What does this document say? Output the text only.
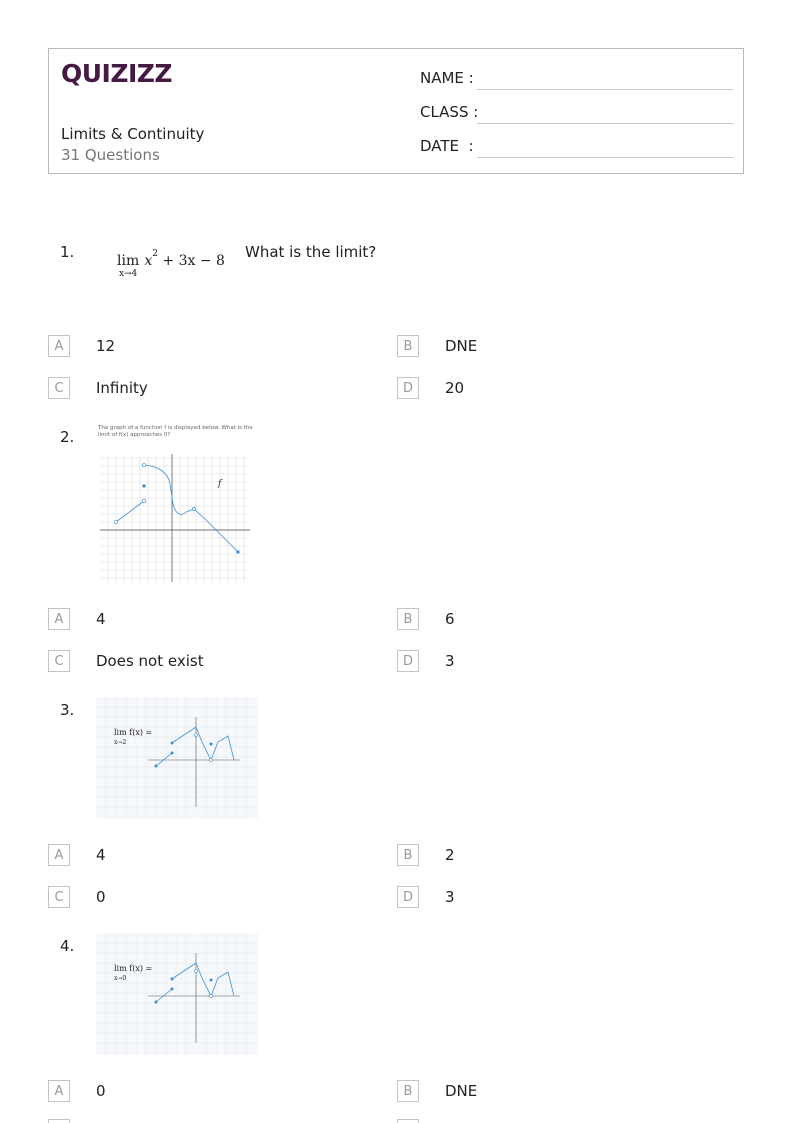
QUIZIZZ
Limits & Continuity
31 Questions
NAME :
CLASS :
DATE  :
1.	lim
x→4
$x^2 + 3x - 8$ What is the limit?
A	12	B	DNE
C	Infinity	D	20
2.	The graph of a function f is displayed below. What is the limit of f(x) approaches 0?
f
A	4	B	6
C	Does not exist	D	3
3.
lim f(x) =
x→2
A	4	B	2
C	0	D	3
4.
lim f(x) =
x→0
A	0	B	DNE
